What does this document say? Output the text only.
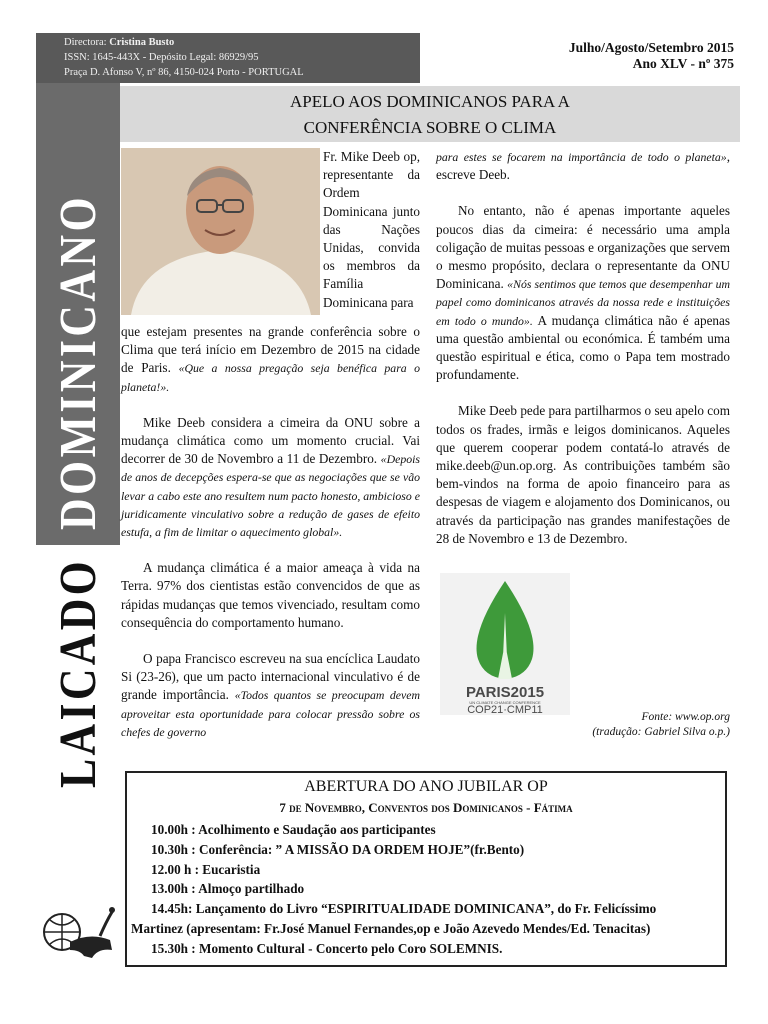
Directora: Cristina Busto
ISSN: 1645-443X - Depósito Legal: 86929/95
Praça D. Afonso V, nº 86, 4150-024 Porto - PORTUGAL
Julho/Agosto/Setembro 2015
Ano XLV - nº 375
DOMINICANO
LAICADO
APELO AOS DOMINICANOS PARA A
CONFERÊNCIA SOBRE O CLIMA
Fr. Mike Deeb op, representante da Ordem Dominicana junto das Nações Unidas, convida os membros da Família Dominicana para

que estejam presentes na grande conferência sobre o Clima que terá início em Dezembro de 2015 na cidade de Paris. «Que a nossa pregação seja benéfica para o planeta!».

Mike Deeb considera a cimeira da ONU sobre a mudança climática como um momento crucial. Vai decorrer de 30 de Novembro a 11 de Dezembro. «Depois de anos de decepções espera-se que as negociações que se vão levar a cabo este ano resultem num pacto honesto, ambicioso e juridicamente vinculativo sobre a redução de gases de efeito estufa, a fim de limitar o aquecimento global».

A mudança climática é a maior ameaça à vida na Terra. 97% dos cientistas estão convencidos de que as rápidas mudanças que temos vivenciado, resultam como consequência do comportamento humano.

O papa Francisco escreveu na sua encíclica Laudato Si (23-26), que um pacto internacional vinculativo é de grande importância. «Todos quantos se preocupam devem aproveitar esta oportunidade para colocar pressão sobre os chefes de governo

para estes se focarem na importância de todo o planeta», escreve Deeb.

No entanto, não é apenas importante aqueles poucos dias da cimeira: é necessário uma ampla coligação de muitas pessoas e organizações que servem o mesmo propósito, declara o representante da ONU Dominicana. «Nós sentimos que temos que desempenhar um papel como dominicanos através da nossa rede e instituições em todo o mundo». A mudança climática não é apenas uma questão ambiental ou económica. É também uma questão espiritual e ética, como o Papa tem mostrado profundamente.

Mike Deeb pede para partilharmos o seu apelo com todos os frades, irmãs e leigos dominicanos. Aqueles que querem cooperar podem contatá-lo através de mike.deeb@un.op.org. As contribuições também são bem-vindos na forma de apoio financeiro para as despesas de viagem e alojamento dos Dominicanos, ou através da participação nas grandes manifestações de 28 de Novembro e 13 de Dezembro.

PARIS2015
UN CLIMATE CHANGE CONFERENCE
COP21·CMP11
Fonte: www.op.org
(tradução: Gabriel Silva o.p.)
ABERTURA DO ANO JUBILAR OP
7 de Novembro, Conventos dos Dominicanos - Fátima
10.00h : Acolhimento e Saudação aos participantes
10.30h : Conferência: ” A MISSÃO DA ORDEM HOJE”(fr.Bento)
12.00 h : Eucaristia
13.00h : Almoço partilhado
14.45h: Lançamento do Livro “ESPIRITUALIDADE DOMINICANA”, do Fr. Felicíssimo
Martinez (apresentam: Fr.José Manuel Fernandes,op e João Azevedo Mendes/Ed. Tenacitas)
15.30h : Momento Cultural - Concerto pelo Coro SOLEMNIS.
